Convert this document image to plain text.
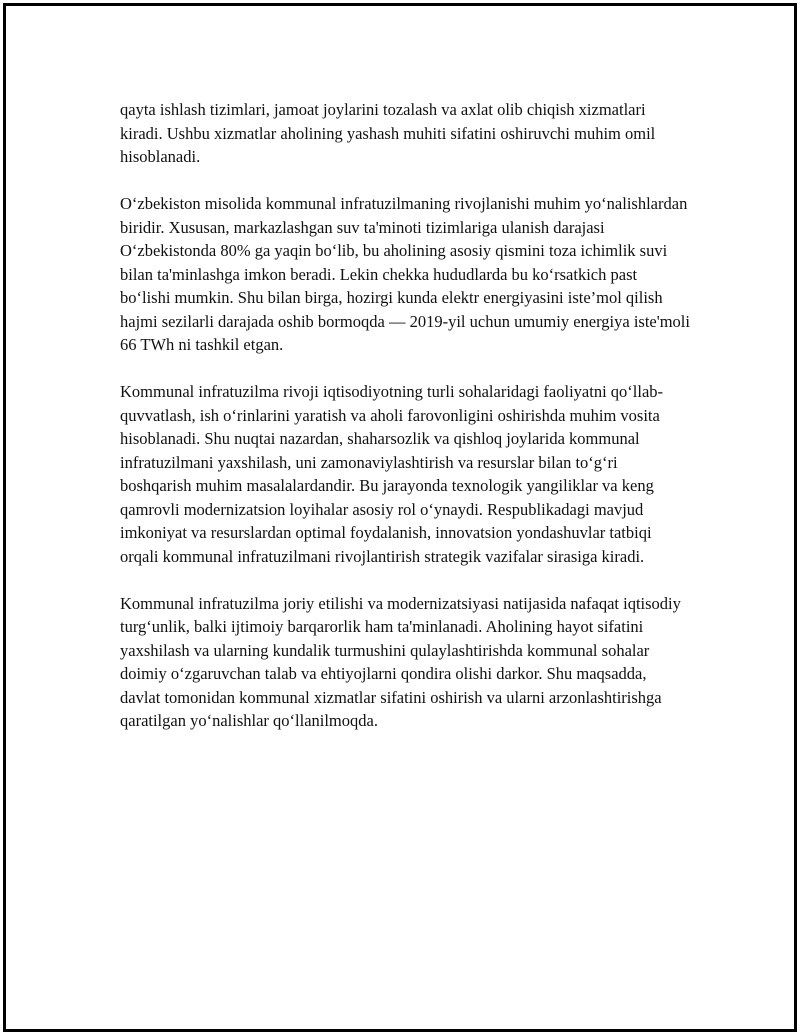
qayta ishlash tizimlari, jamoat joylarini tozalash va axlat olib chiqish xizmatlari kiradi. Ushbu xizmatlar aholining yashash muhiti sifatini oshiruvchi muhim omil hisoblanadi.

O‘zbekiston misolida kommunal infratuzilmaning rivojlanishi muhim yo‘nalishlardan biridir. Xususan, markazlashgan suv ta'minoti tizimlariga ulanish darajasi O‘zbekistonda 80% ga yaqin bo‘lib, bu aholining asosiy qismini toza ichimlik suvi bilan ta'minlashga imkon beradi. Lekin chekka hududlarda bu ko‘rsatkich past bo‘lishi mumkin. Shu bilan birga, hozirgi kunda elektr energiyasini iste’mol qilish hajmi sezilarli darajada oshib bormoqda — 2019-yil uchun umumiy energiya iste'moli 66 TWh ni tashkil etgan.

Kommunal infratuzilma rivoji iqtisodiyotning turli sohalaridagi faoliyatni qo‘llab-quvvatlash, ish o‘rinlarini yaratish va aholi farovonligini oshirishda muhim vosita hisoblanadi. Shu nuqtai nazardan, shaharsozlik va qishloq joylarida kommunal infratuzilmani yaxshilash, uni zamonaviylashtirish va resurslar bilan to‘g‘ri boshqarish muhim masalalardandir. Bu jarayonda texnologik yangiliklar va keng qamrovli modernizatsion loyihalar asosiy rol o‘ynaydi. Respublikadagi mavjud imkoniyat va resurslardan optimal foydalanish, innovatsion yondashuvlar tatbiqi orqali kommunal infratuzilmani rivojlantirish strategik vazifalar sirasiga kiradi.

Kommunal infratuzilma joriy etilishi va modernizatsiyasi natijasida nafaqat iqtisodiy turg‘unlik, balki ijtimoiy barqarorlik ham ta'minlanadi. Aholining hayot sifatini yaxshilash va ularning kundalik turmushini qulaylashtirishda kommunal sohalar doimiy o‘zgaruvchan talab va ehtiyojlarni qondira olishi darkor. Shu maqsadda, davlat tomonidan kommunal xizmatlar sifatini oshirish va ularni arzonlashtirishga qaratilgan yo‘nalishlar qo‘llanilmoqda.
